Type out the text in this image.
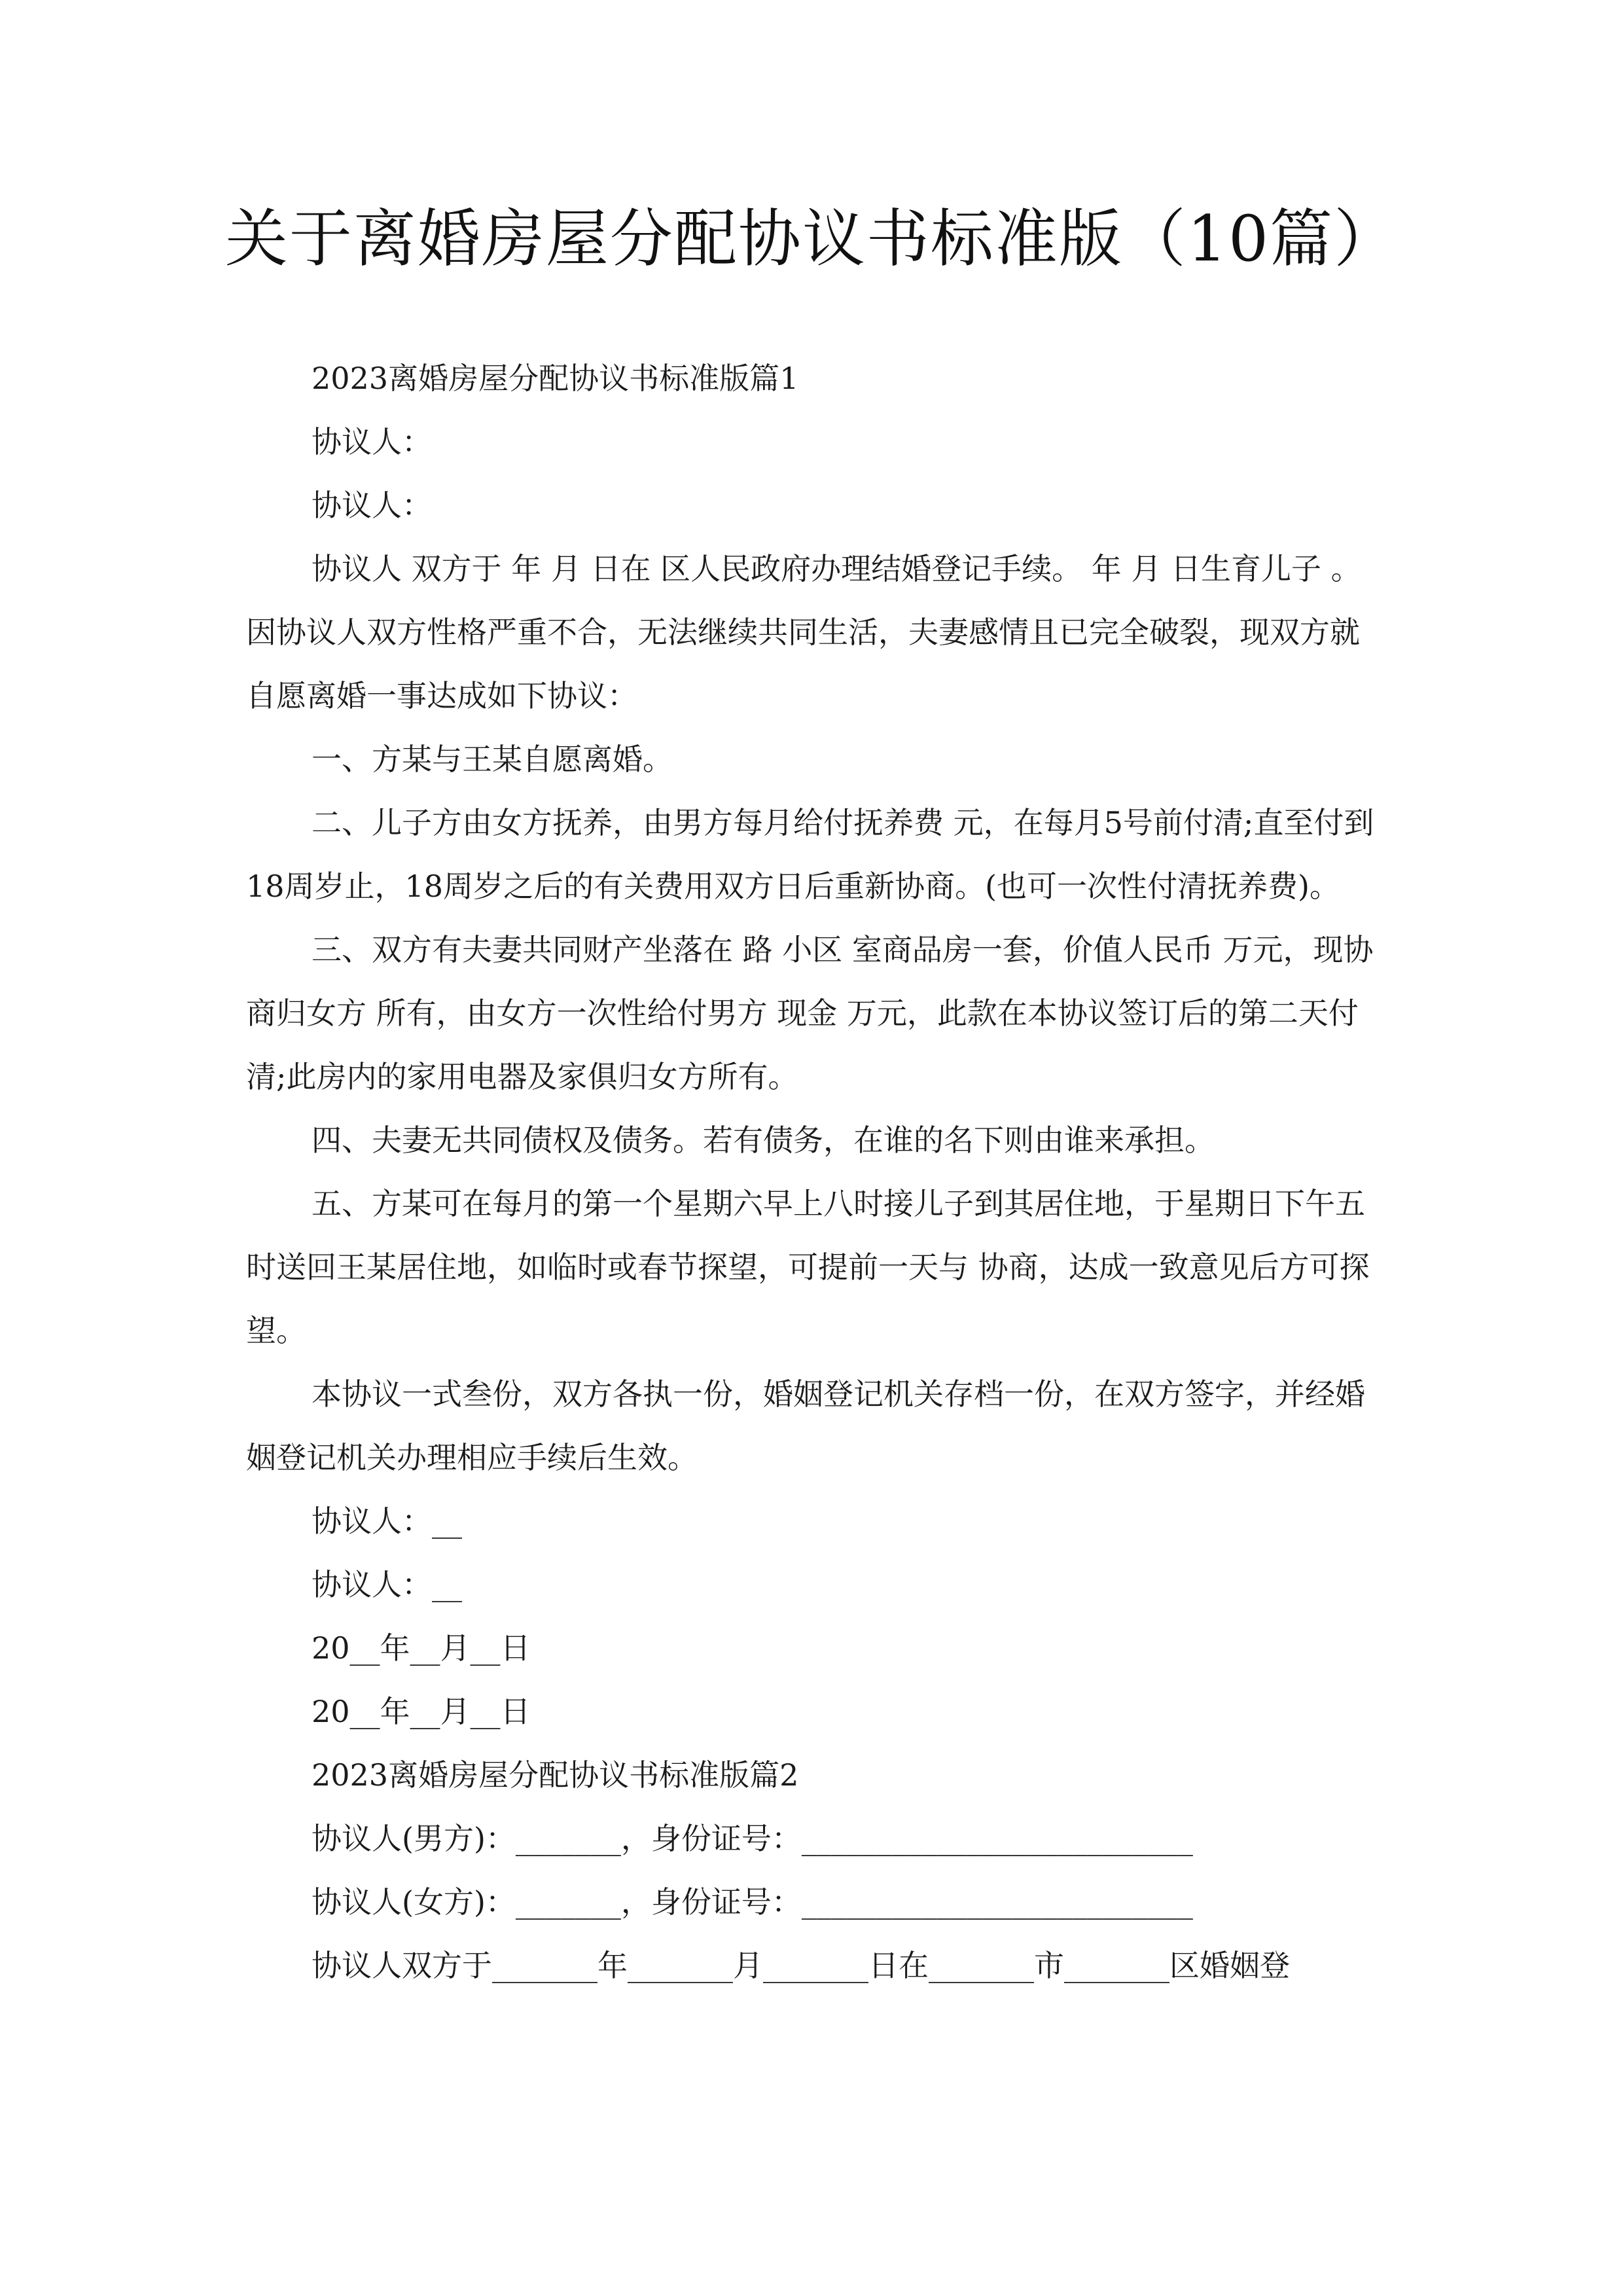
关于离婚房屋分配协议书标准版（10篇）

2023离婚房屋分配协议书标准版篇1

协议人：

协议人：

协议人 双方于 年 月 日在 区人民政府办理结婚登记手续。 年 月 日生育儿子 。因协议人双方性格严重不合，无法继续共同生活，夫妻感情且已完全破裂，现双方就自愿离婚一事达成如下协议：

一、方某与王某自愿离婚。

二、儿子方由女方抚养，由男方每月给付抚养费 元，在每月5号前付清;直至付到18周岁止，18周岁之后的有关费用双方日后重新协商。(也可一次性付清抚养费)。

三、双方有夫妻共同财产坐落在 路 小区 室商品房一套，价值人民币 万元，现协商归女方 所有，由女方一次性给付男方 现金 万元，此款在本协议签订后的第二天付清;此房内的家用电器及家俱归女方所有。

四、夫妻无共同债权及债务。若有债务，在谁的名下则由谁来承担。

五、方某可在每月的第一个星期六早上八时接儿子到其居住地，于星期日下午五时送回王某居住地，如临时或春节探望，可提前一天与 协商，达成一致意见后方可探望。

本协议一式叁份，双方各执一份，婚姻登记机关存档一份，在双方签字，并经婚姻登记机关办理相应手续后生效。

协议人：__

协议人：__

20__年__月__日

20__年__月__日

2023离婚房屋分配协议书标准版篇2

协议人(男方)：_______，身份证号：__________________________

协议人(女方)：_______，身份证号：__________________________

协议人双方于_______年_______月_______日在_______市_______区婚姻登
